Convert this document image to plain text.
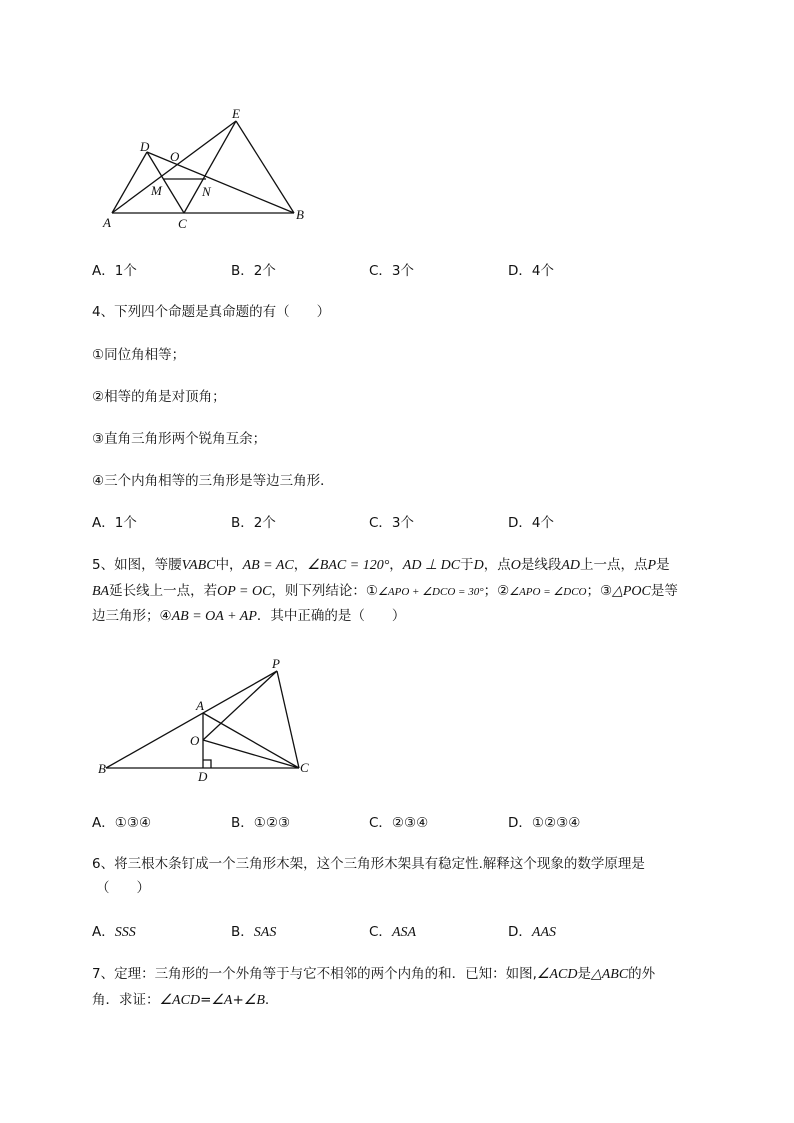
D
E
O
M	N
A	C
B
A．1个	B．2个	C．3个	D．4个
4、下列四个命题是真命题的有（　　）
①同位角相等；
②相等的角是对顶角；
③直角三角形两个锐角互余；
④三个内角相等的三角形是等边三角形．
A．1个	B．2个	C．3个	D．4个
5、如图，等腰VABC中，AB = AC，∠BAC = 120°，AD ⊥ DC于D，点O是线段AD上一点，点P是
BA延长线上一点，若OP = OC，则下列结论：①∠APO + ∠DCO = 30°；②∠APO = ∠DCO；③△POC是等
边三角形；④AB = OA + AP．其中正确的是（　　）
P
A
O
B
D
C
A．①③④	B．①②③	C．②③④	D．①②③④
6、将三根木条钉成一个三角形木架，这个三角形木架具有稳定性.解释这个现象的数学原理是
（　　）
A．SSS	B．SAS	C．ASA	D．AAS
7、定理：三角形的一个外角等于与它不相邻的两个内角的和．已知：如图,∠ACD是△ABC的外
角．求证：∠ACD=∠A+∠B.
